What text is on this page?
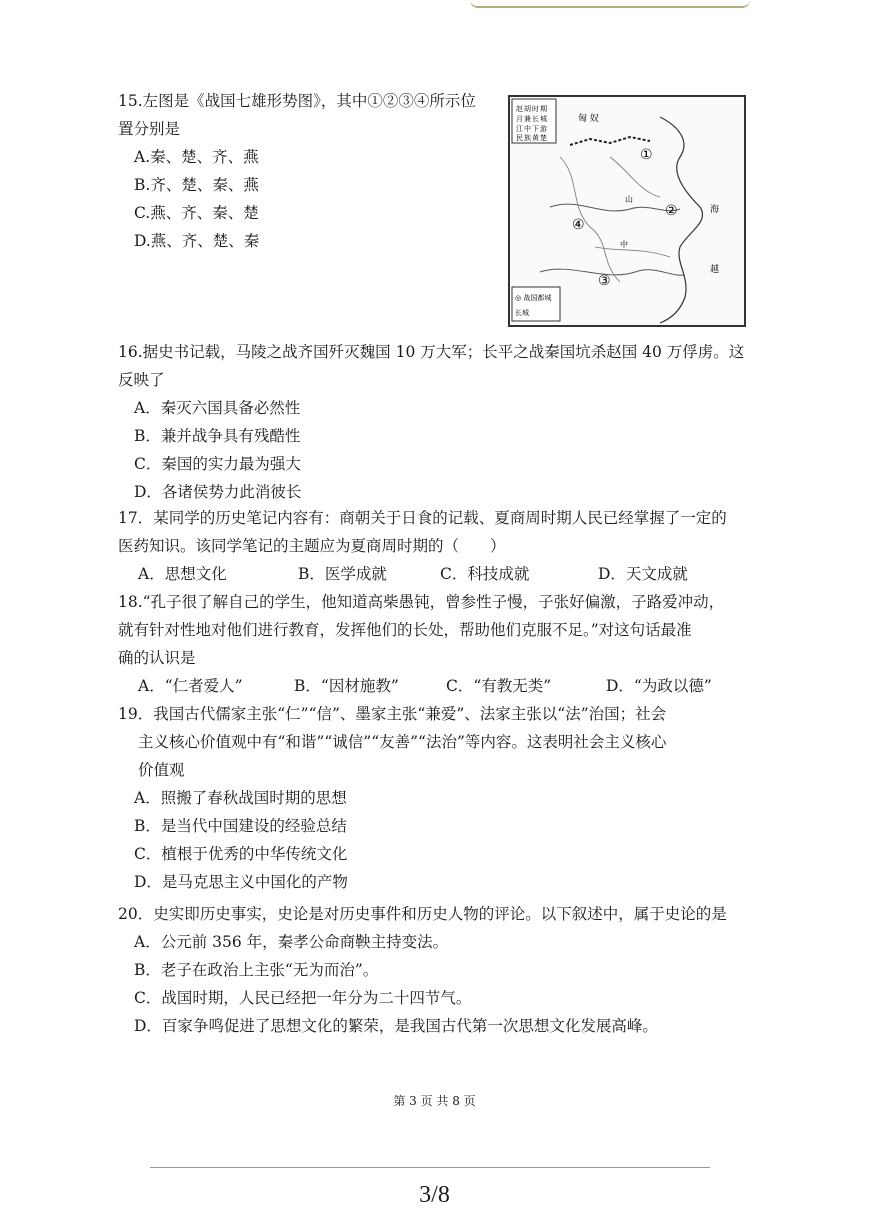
15.左图是《战国七雄形势图》，其中①②③④所示位

置分别是

A.秦、楚、齐、燕
B.齐、楚、秦、燕
C.燕、齐、秦、楚
D.燕、齐、楚、秦
赵 胡 时 期
月 兼 长 城
江 中 下 游
民 族 黄 楚
匈 奴
①
②
③
④
海
山
中
越
◎ 战国都城
长城

16.据史书记载，马陵之战齐国歼灭魏国 10 万大军；长平之战秦国坑杀赵国 40 万俘虏。这

反映了

A．秦灭六国具备必然性
B．兼并战争具有残酷性
C．秦国的实力最为强大
D．各诸侯势力此消彼长

17．某同学的历史笔记内容有：商朝关于日食的记载、夏商周时期人民已经掌握了一定的

医药知识。该同学笔记的主题应为夏商周时期的（　　）

A．思想文化	B．医学成就	C．科技成就	D．天文成就

18.“孔子很了解自己的学生，他知道高柴愚钝，曾参性子慢，子张好偏激，子路爱冲动，

就有针对性地对他们进行教育，发挥他们的长处，帮助他们克服不足。”对这句话最准

确的认识是

A．“仁者爱人”	B．“因材施教”	C．“有教无类”	D．“为政以德”

19．我国古代儒家主张“仁”“信”、墨家主张“兼爱”、法家主张以“法”治国；社会

主义核心价值观中有“和谐”“诚信”“友善”“法治”等内容。这表明社会主义核心

价值观

A．照搬了春秋战国时期的思想
B．是当代中国建设的经验总结
C．植根于优秀的中华传统文化
D．是马克思主义中国化的产物

20．史实即历史事实，史论是对历史事件和历史人物的评论。以下叙述中，属于史论的是

A．公元前 356 年，秦孝公命商鞅主持变法。
B．老子在政治上主张“无为而治”。
C．战国时期，人民已经把一年分为二十四节气。
D．百家争鸣促进了思想文化的繁荣，是我国古代第一次思想文化发展高峰。
第 3 页 共 8 页
3/8
